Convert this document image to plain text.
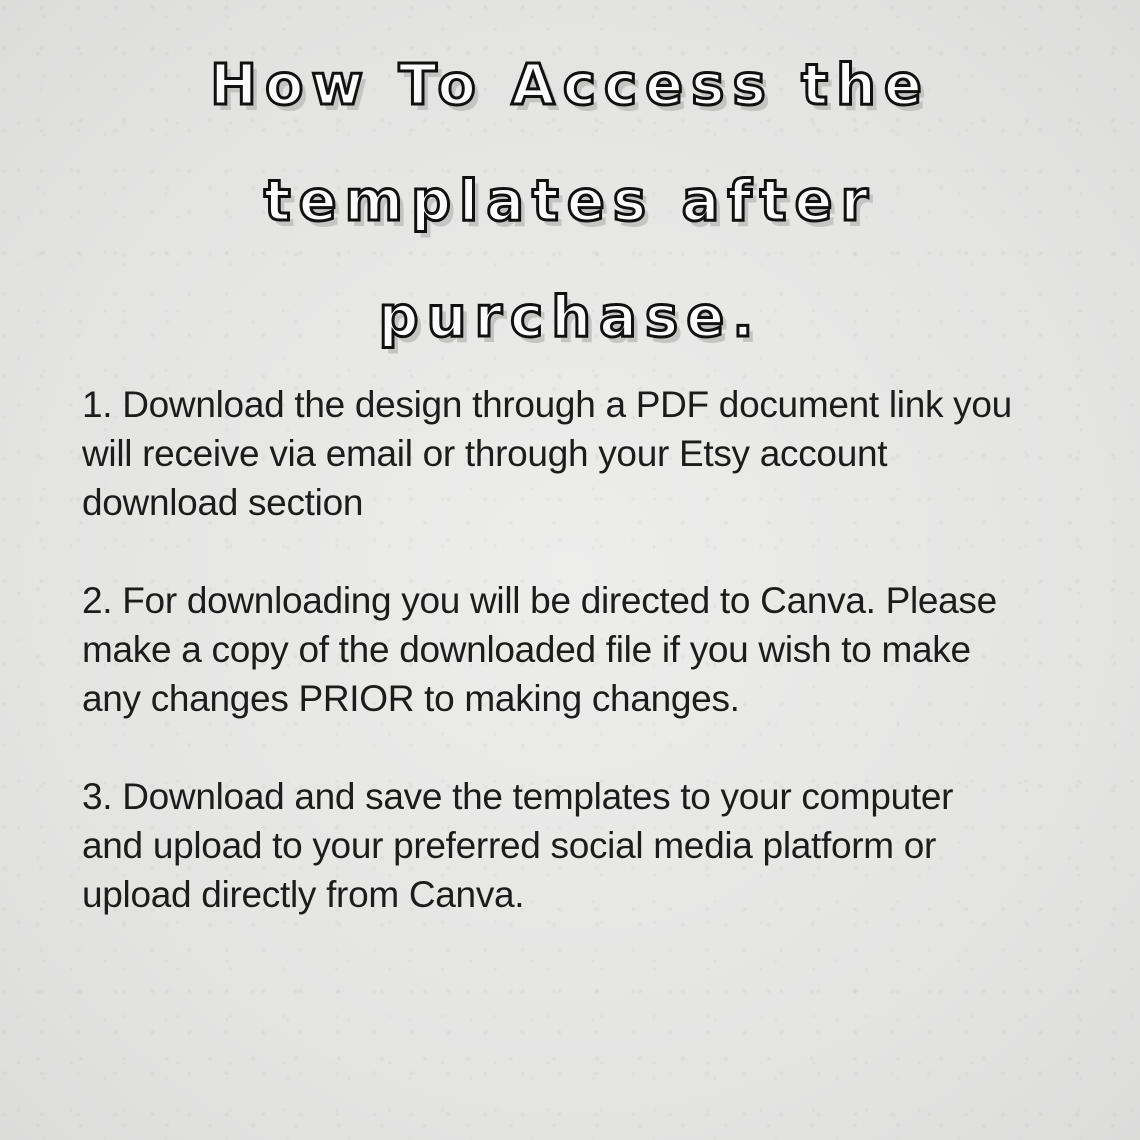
How To Access the
templates after
purchase.

1. Download the design through a PDF document link you
will receive via email or through your Etsy account
download section

2. For downloading you will be directed to Canva. Please
make a copy of the downloaded file if you wish to make
any changes PRIOR to making changes.

3. Download and save the templates to your computer
and upload to your preferred social media platform or
upload directly from Canva.
